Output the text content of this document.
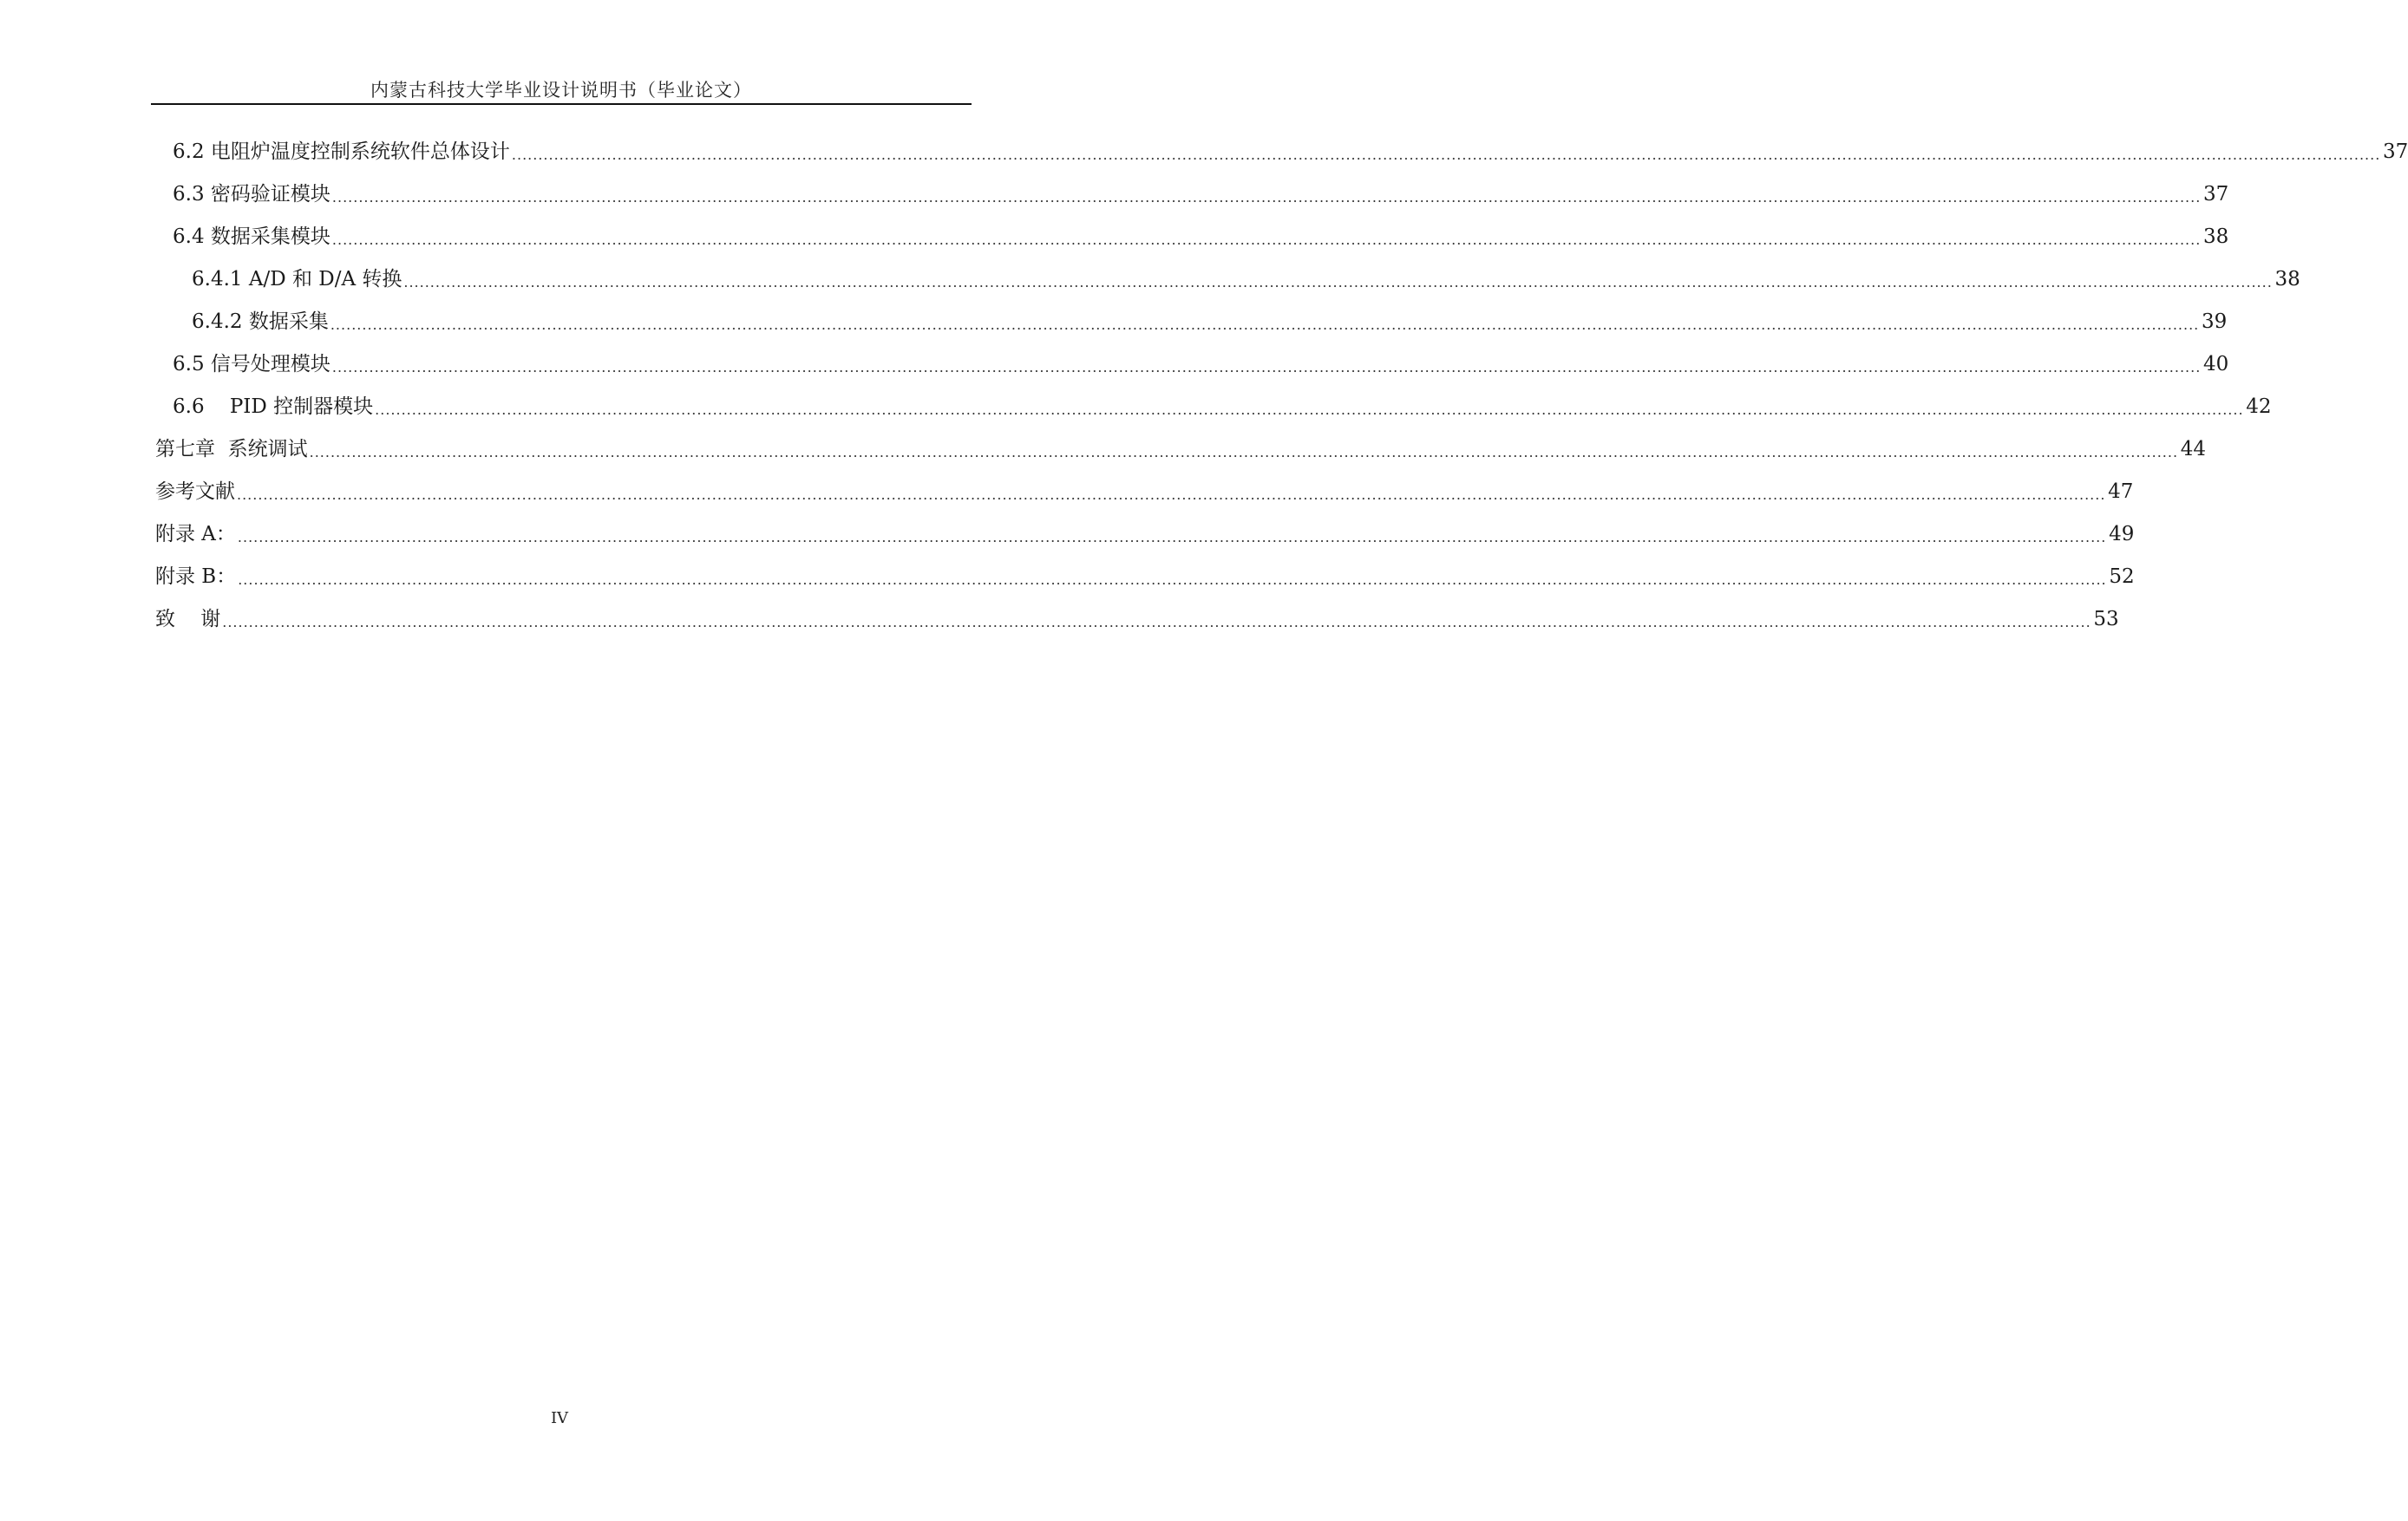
内蒙古科技大学毕业设计说明书（毕业论文）
6.2 电阻炉温度控制系统软件总体设计 .................................................................................................................................................................................................................................................................................................................................................................. 37
6.3 密码验证模块 .................................................................................................................................................................................................................................................................................................................................................................. 37
6.4 数据采集模块 .................................................................................................................................................................................................................................................................................................................................................................. 38
6.4.1 A/D 和 D/A 转换 .................................................................................................................................................................................................................................................................................................................................................................. 38
6.4.2 数据采集 .................................................................................................................................................................................................................................................................................................................................................................. 39
6.5 信号处理模块 .................................................................................................................................................................................................................................................................................................................................................................. 40
6.6    PID 控制器模块 .................................................................................................................................................................................................................................................................................................................................................................. 42
第七章  系统调试 .................................................................................................................................................................................................................................................................................................................................................................. 44
参考文献 .................................................................................................................................................................................................................................................................................................................................................................. 47
附录 A： .................................................................................................................................................................................................................................................................................................................................................................. 49
附录 B： .................................................................................................................................................................................................................................................................................................................................................................. 52
致    谢 .................................................................................................................................................................................................................................................................................................................................................................. 53
IV
